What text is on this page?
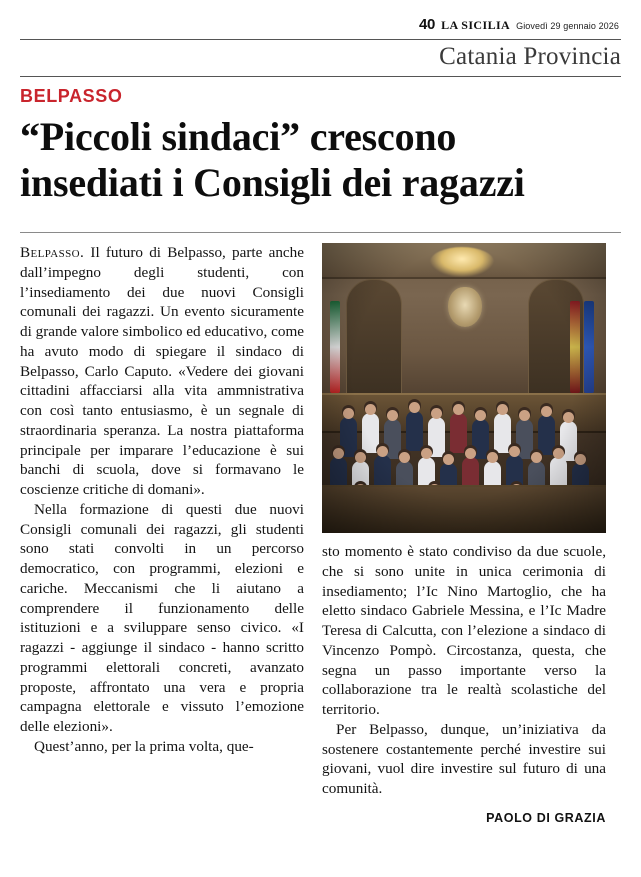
40 LA SICILIA Giovedì 29 gennaio 2026
Catania Provincia
BELPASSO
“Piccoli sindaci” crescono
insediati i Consigli dei ragazzi

Belpasso. Il futuro di Belpasso, parte anche dall’impegno degli studenti, con l’insediamento dei due nuovi Consigli comunali dei ragazzi. Un evento sicuramente di grande valore simbolico ed educativo, come ha avuto modo di spiegare il sindaco di Belpasso, Carlo Caputo. «Vedere dei giovani cittadini affacciarsi alla vita ammnistrativa con così tanto entusiasmo, è un segnale di straordinaria speranza. La nostra piattaforma principale per imparare l’educazione è sui banchi di scuola, dove si formavano le coscienze critiche di domani».

Nella formazione di questi due nuovi Consigli comunali dei ragazzi, gli studenti sono stati convolti in un percorso democratico, con programmi, elezioni e cariche. Meccanismi che li aiutano a comprendere il funzionamento delle istituzioni e a sviluppare senso civico. «I ragazzi - aggiunge il sindaco - hanno scritto programmi elettorali concreti, avanzato proposte, affrontato una vera e propria campagna elettorale e vissuto l’emozione delle elezioni».

Quest’anno, per la prima volta, que-

sto momento è stato condiviso da due scuole, che si sono unite in unica cerimonia di insediamento; l’Ic Nino Martoglio, che ha eletto sindaco Gabriele Messina, e l’Ic Madre Teresa di Calcutta, con l’elezione a sindaco di Vincenzo Pompò. Circostanza, questa, che segna un passo importante verso la collaborazione tra le realtà scolastiche del territorio.

Per Belpasso, dunque, un’iniziativa da sostenere costantemente perché investire sui giovani, vuol dire investire sul futuro di una comunità.

PAOLO DI GRAZIA
